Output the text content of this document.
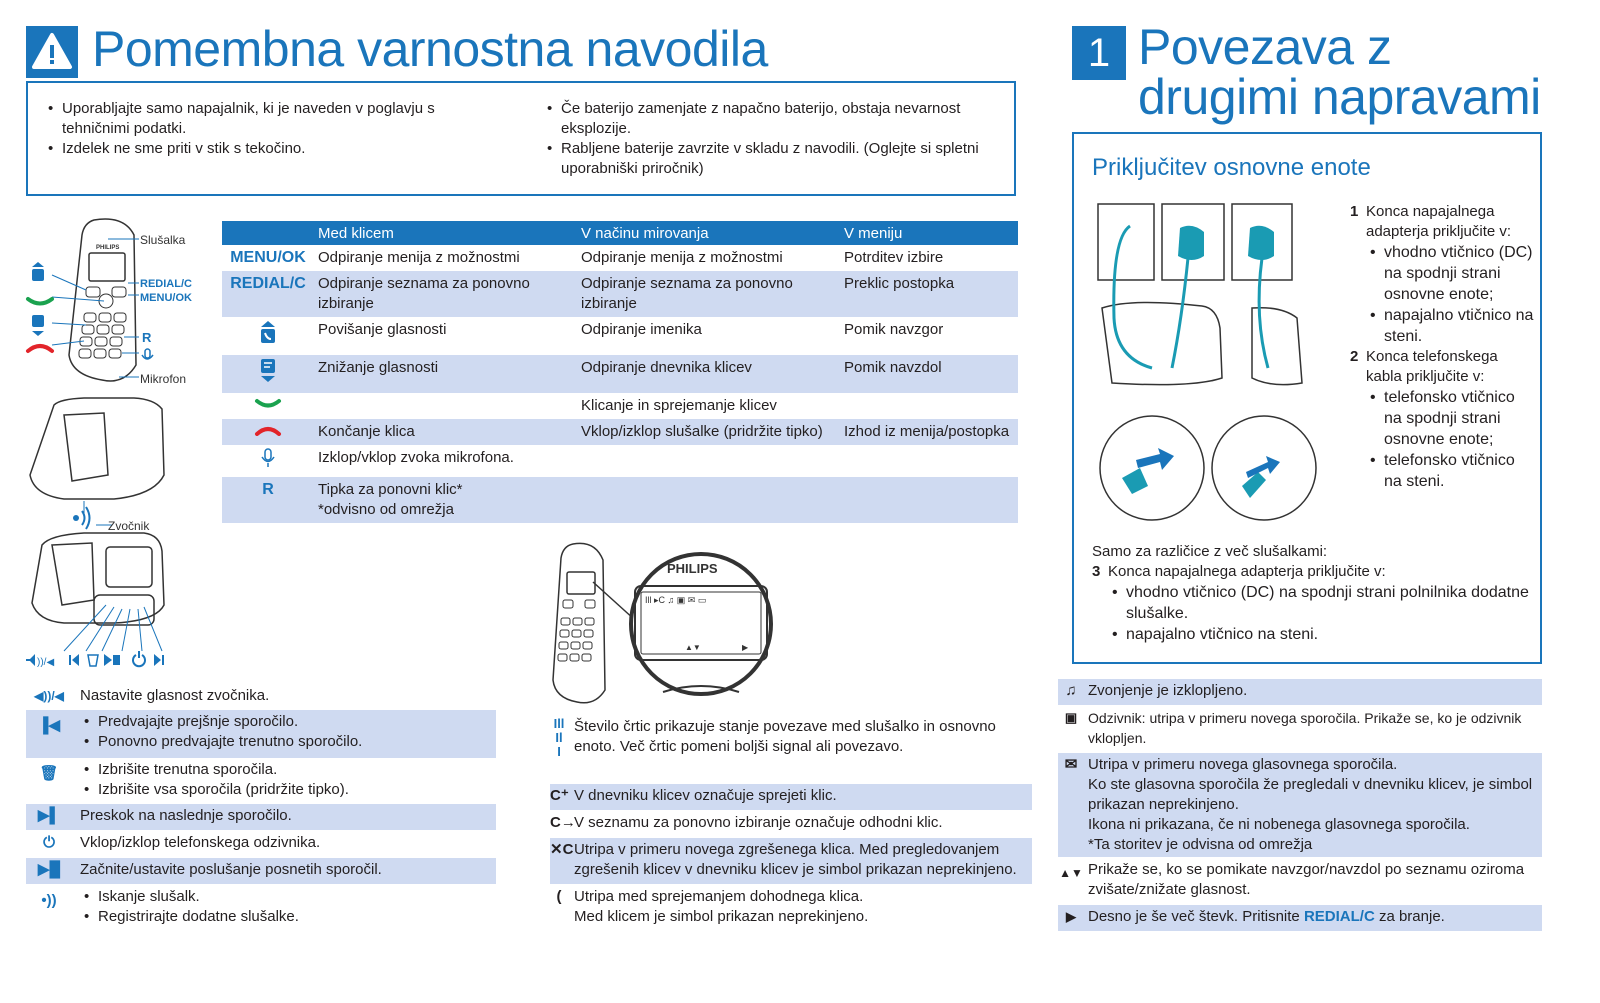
Pomembna varnostna navodila
• Uporabljajte samo napajalnik, ki je naveden v poglavju s tehničnimi podatki.
• Izdelek ne sme priti v stik s tekočino.
• Če baterijo zamenjate z napačno baterijo, obstaja nevarnost eksplozije.
• Rabljene baterije zavrzite v skladu z navodili. (Oglejte si spletni uporabniški priročnik)
PHILIPS
Slušalka
REDIAL/C
MENU/OK
R
Mikrofon
Zvočnik
))/◀
	Med klicem	V načinu mirovanja	V meniju
MENU/OK	Odpiranje menija z možnostmi	Odpiranje menija z možnostmi	Potrditev izbire
REDIAL/C	Odpiranje seznama za ponovno izbiranje	Odpiranje seznama za ponovno izbiranje	Preklic postopka
	Povišanje glasnosti	Odpiranje imenika	Pomik navzgor
	Znižanje glasnosti	Odpiranje dnevnika klicev	Pomik navzdol
		Klicanje in sprejemanje klicev	
	Končanje klica	Vklop/izklop slušalke (pridržite tipko)	Izhod iz menija/postopka
	Izklop/vklop zvoka mikrofona.		
R	Tipka za ponovni klic*
*odvisno od omrežja		

◀))/◀	Nastavite glasnost zvočnika.
▐◀	• Predvajajte prejšnje sporočilo.
• Ponovno predvajajte trenutno sporočilo.
🗑︎	• Izbrišite trenutna sporočila.
• Izbrišite vsa sporočila (pridržite tipko).
▶▌	Preskok na naslednje sporočilo.
⏻	Vklop/izklop telefonskega odzivnika.
▶█	Začnite/ustavite poslušanje posnetih sporočil.
•))	• Iskanje slušalk.
• Registrirajte dodatne slušalke.
PHILIPS
Ill ▸C ♫ ▣ ✉ ▭
▲▼	▶
Ill
Il
I
Število črtic prikazuje stanje povezave med slušalko in osnovno enoto. Več črtic pomeni boljši signal ali povezavo.
C⁺ V dnevniku klicev označuje sprejeti klic.
C→
V seznamu za ponovno izbiranje označuje odhodni klic.
✕C Utripa v primeru novega zgrešenega klica. Med pregledovanjem zgrešenih klicev v dnevniku klicev je simbol prikazan neprekinjeno.
( Utripa med sprejemanjem dohodnega klica.
Med klicem je simbol prikazan neprekinjeno.
1 Povezava z
drugimi napravami
Priključitev osnovne enote
1 Konca napajalnega adapterja priključite v:
• vhodno vtičnico (DC) na spodnji strani osnovne enote;
• napajalno vtičnico na steni.
2 Konca telefonskega kabla priključite v:
• telefonsko vtičnico na spodnji strani osnovne enote;
• telefonsko vtičnico na steni.
Samo za različice z več slušalkami:
3 Konca napajalnega adapterja priključite v:
• vhodno vtičnico (DC) na spodnji strani polnilnika dodatne slušalke.
• napajalno vtičnico na steni.
♫ Zvonjenje je izklopljeno.
▣ Odzivnik: utripa v primeru novega sporočila. Prikaže se, ko je odzivnik vklopljen.
✉ Utripa v primeru novega glasovnega sporočila.
Ko ste glasovna sporočila že pregledali v dnevniku klicev, je simbol prikazan neprekinjeno.
Ikona ni prikazana, če ni nobenega glasovnega sporočila.
*Ta storitev je odvisna od omrežja
▲▼ Prikaže se, ko se pomikate navzgor/navzdol po seznamu oziroma zvišate/znižate glasnost.
▶ Desno je še več števk. Pritisnite REDIAL/C za branje.
